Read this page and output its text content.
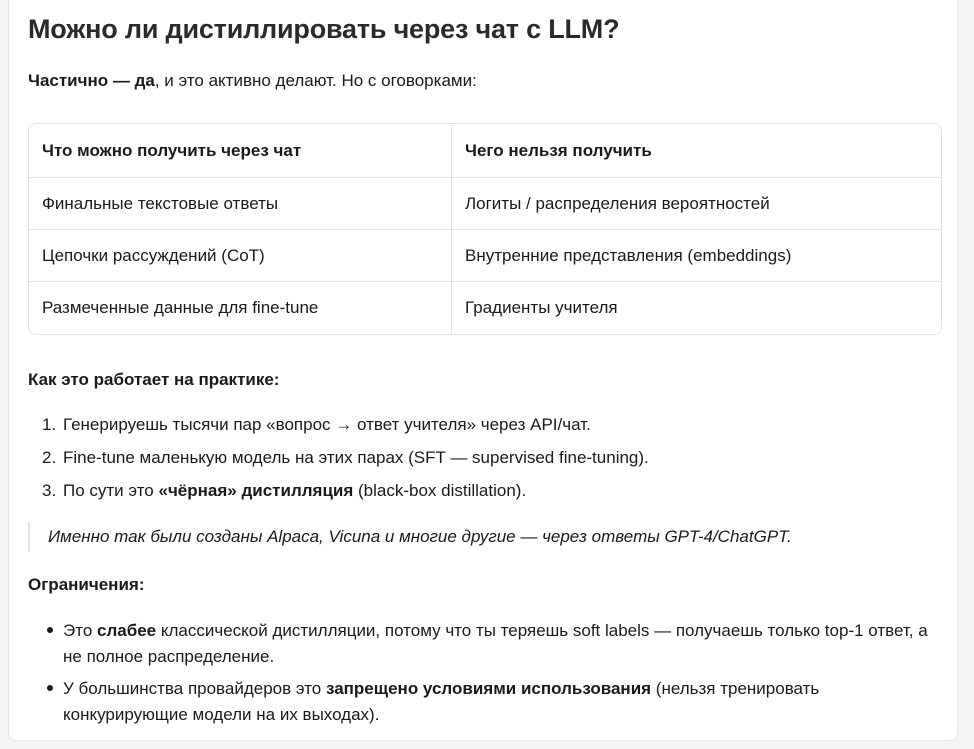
Можно ли дистиллировать через чат с LLM?
Частично — да, и это активно делают. Но с оговорками:
Что можно получить через чат	Чего нельзя получить
Финальные текстовые ответы	Логиты / распределения вероятностей
Цепочки рассуждений (CoT)	Внутренние представления (embeddings)
Размеченные данные для fine-tune	Градиенты учителя
Как это работает на практике:
1. Генерируешь тысячи пар «вопрос → ответ учителя» через API/чат.
2. Fine-tune маленькую модель на этих парах (SFT — supervised fine-tuning).
3. По сути это «чёрная» дистилляция (black-box distillation).
Именно так были созданы Alpaca, Vicuna и многие другие — через ответы GPT-4/ChatGPT.
Ограничения:
Это слабее классической дистилляции, потому что ты теряешь soft labels — получаешь только top-1 ответ, а не полное распределение.
У большинства провайдеров это запрещено условиями использования (нельзя тренировать конкурирующие модели на их выходах).
